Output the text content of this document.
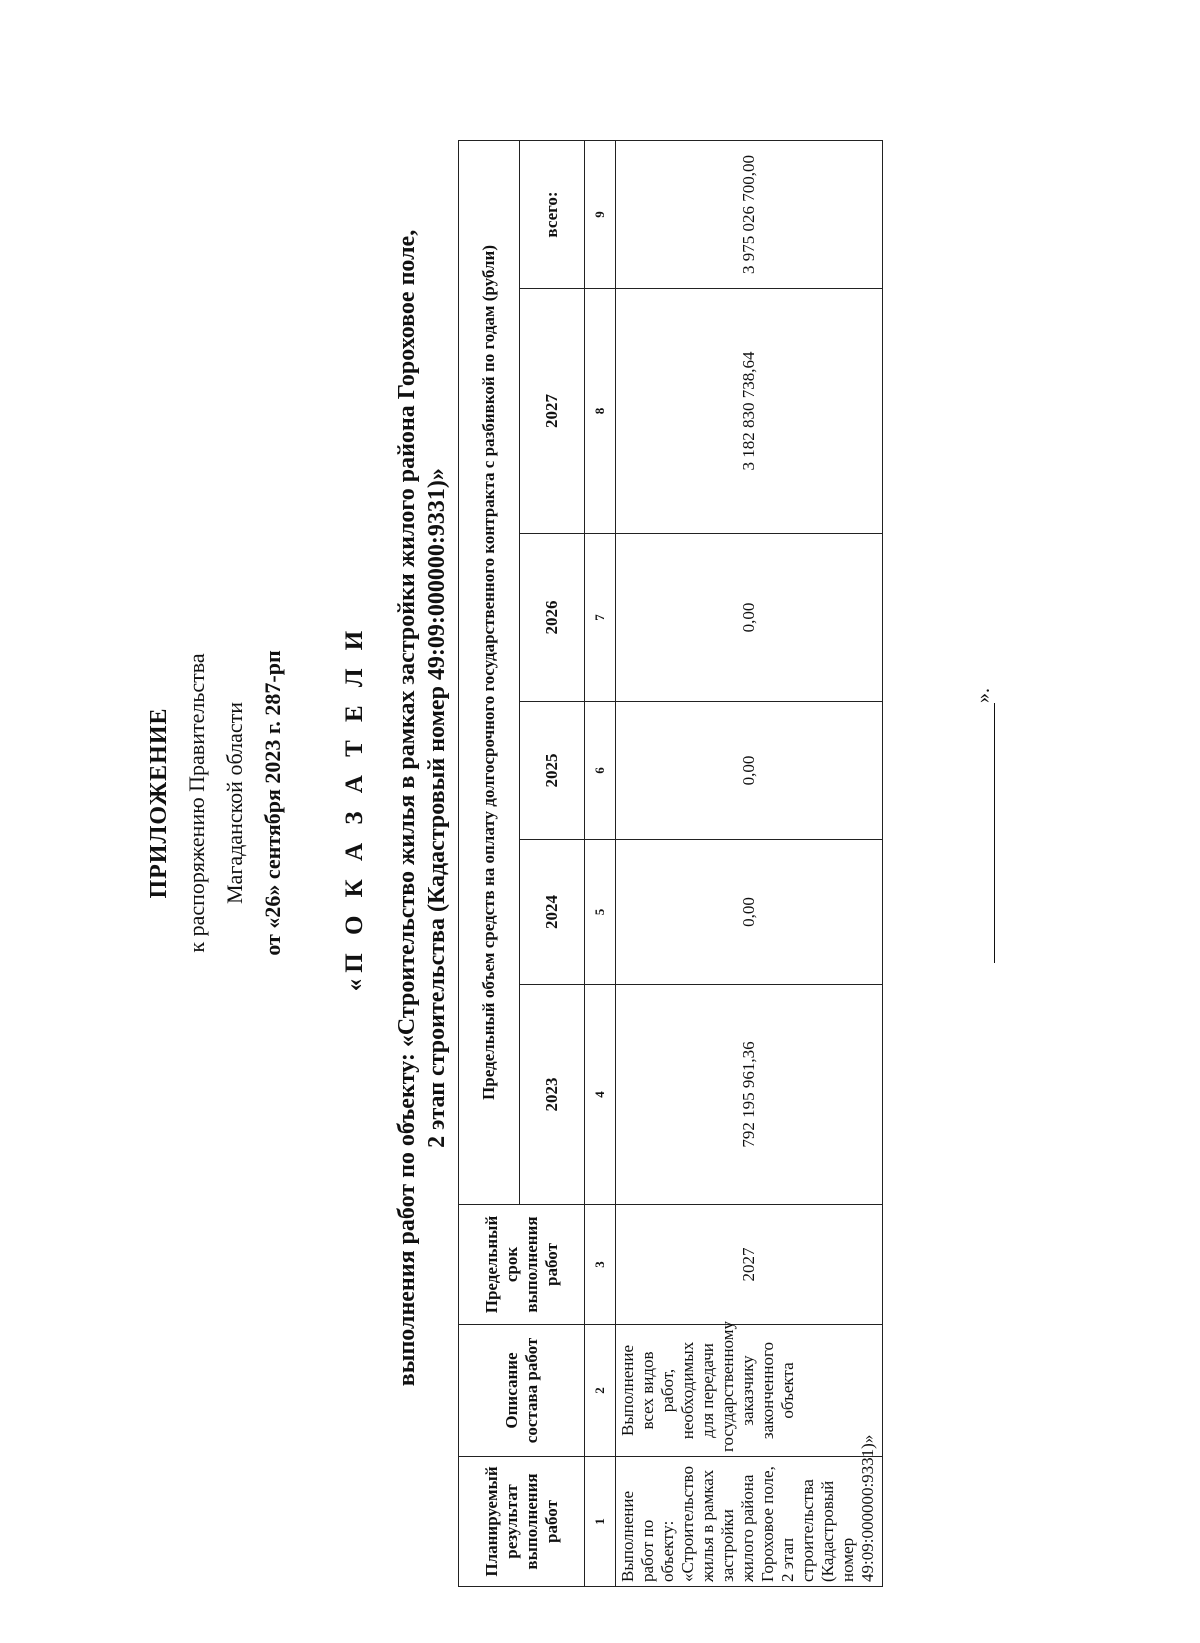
ПРИЛОЖЕНИЕ к распоряжению Правительства Магаданской области от «26» сентября 2023 г. 287-рп «П О К А З А Т Е Л И выполнения работ по объекту: «Строительство жилья в рамках застройки жилого района Гороховое поле, 2 этап строительства (Кадастровый номер 49:09:000000:9331)»
Планируемый результат выполнения работ	Описание состава работ	Предельный срок выполнения работ	Предельный объем средств на оплату долгосрочного государственного контракта с разбивкой по годам (рубли)					
			2023	2024	2025	2026	2027	всего:
1	2	3	4	5	6	7	8	9
Выполнение работ по объекту: «Строительство жилья в рамках застройки жилого района Гороховое поле, 2 этап строительства (Кадастровый номер 49:09:000000:9331)»	Выполнение всех видов работ, необходимых для передачи государственному заказчику законченного объекта	2027	792 195 961,36	0,00	0,00	0,00	3 182 830 738,64	3 975 026 700,00
».
